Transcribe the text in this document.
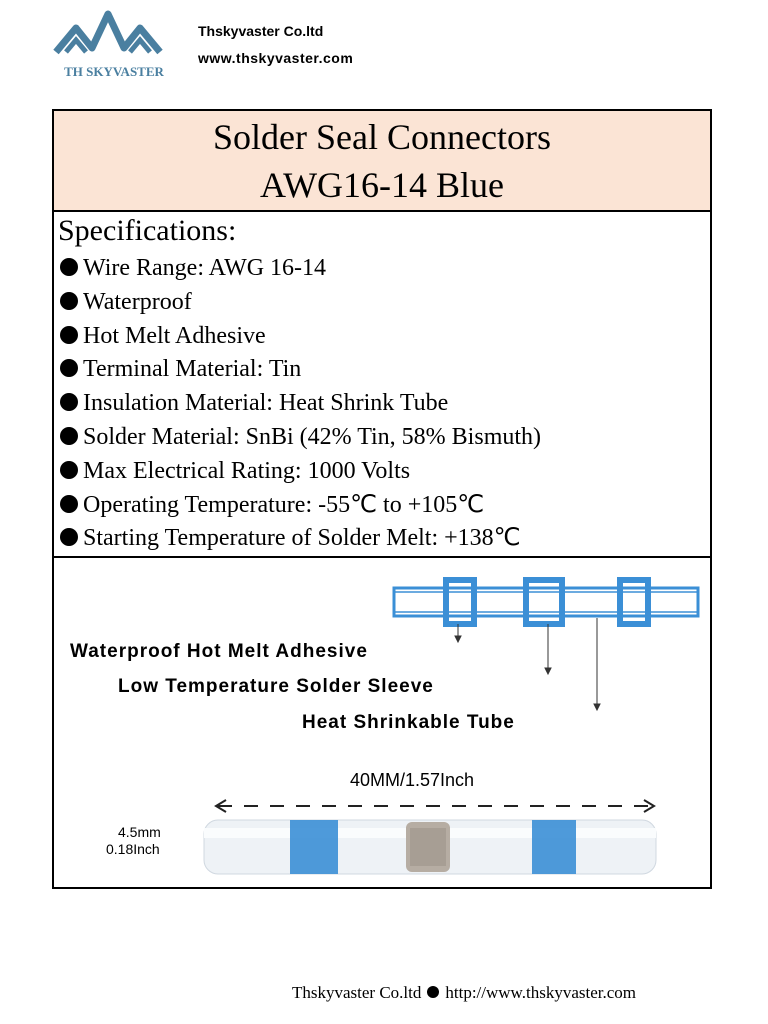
TH SKYVASTER
Thskyvaster Co.ltd
www.thskyvaster.com
Solder Seal Connectors
AWG16-14 Blue
Specifications:
Wire Range: AWG 16-14
Waterproof
Hot Melt Adhesive
Terminal Material: Tin
Insulation Material: Heat Shrink Tube
Solder Material: SnBi (42% Tin, 58% Bismuth)
Max Electrical Rating: 1000 Volts
Operating Temperature: -55℃ to +105℃
Starting Temperature of Solder Melt: +138℃
Waterproof Hot Melt Adhesive
Low Temperature Solder Sleeve
Heat Shrinkable Tube
40MM/1.57Inch
4.5mm
0.18Inch
Thskyvaster Co.ltd http://www.thskyvaster.com
